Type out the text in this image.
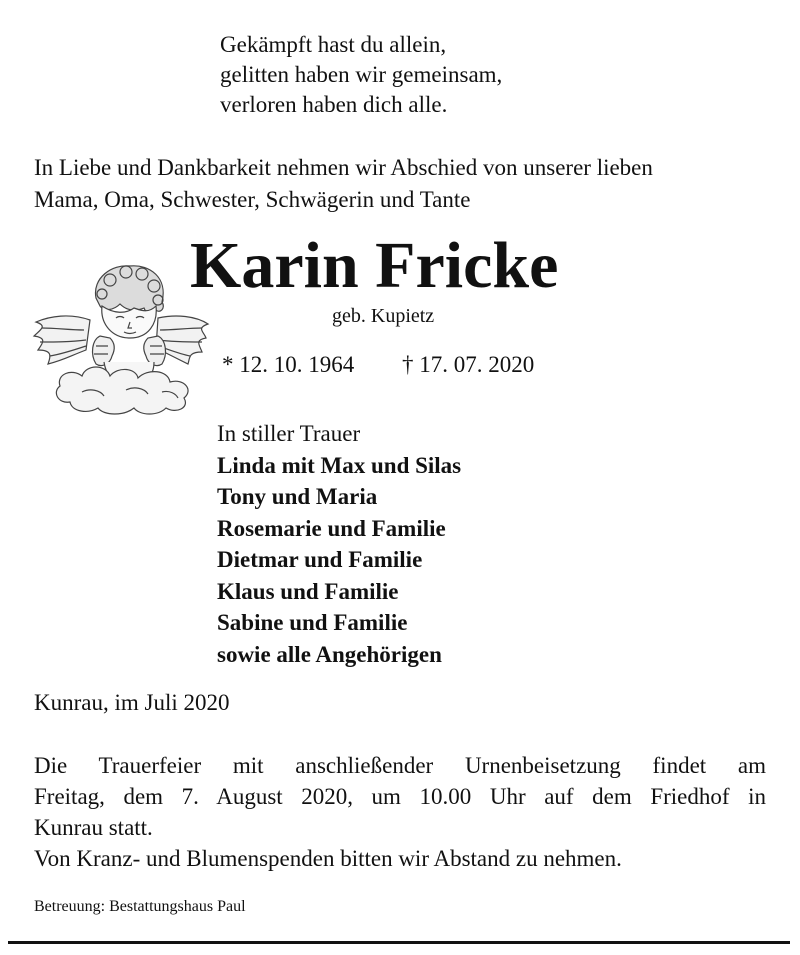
Gekämpft hast du allein,
gelitten haben wir gemeinsam,
verloren haben dich alle.
In Liebe und Dankbarkeit nehmen wir Abschied von unserer lieben
Mama, Oma, Schwester, Schwägerin und Tante
Karin Fricke
geb. Kupietz
* 12. 10. 1964 † 17. 07. 2020
In stiller Trauer
Linda mit Max und Silas
Tony und Maria
Rosemarie und Familie
Dietmar und Familie
Klaus und Familie
Sabine und Familie
sowie alle Angehörigen
Kunrau, im Juli 2020
Die Trauerfeier mit anschließender Urnenbeisetzung findet am
Freitag, dem 7. August 2020, um 10.00 Uhr auf dem Friedhof in
Kunrau statt.
Von Kranz- und Blumenspenden bitten wir Abstand zu nehmen.
Betreuung: Bestattungshaus Paul
